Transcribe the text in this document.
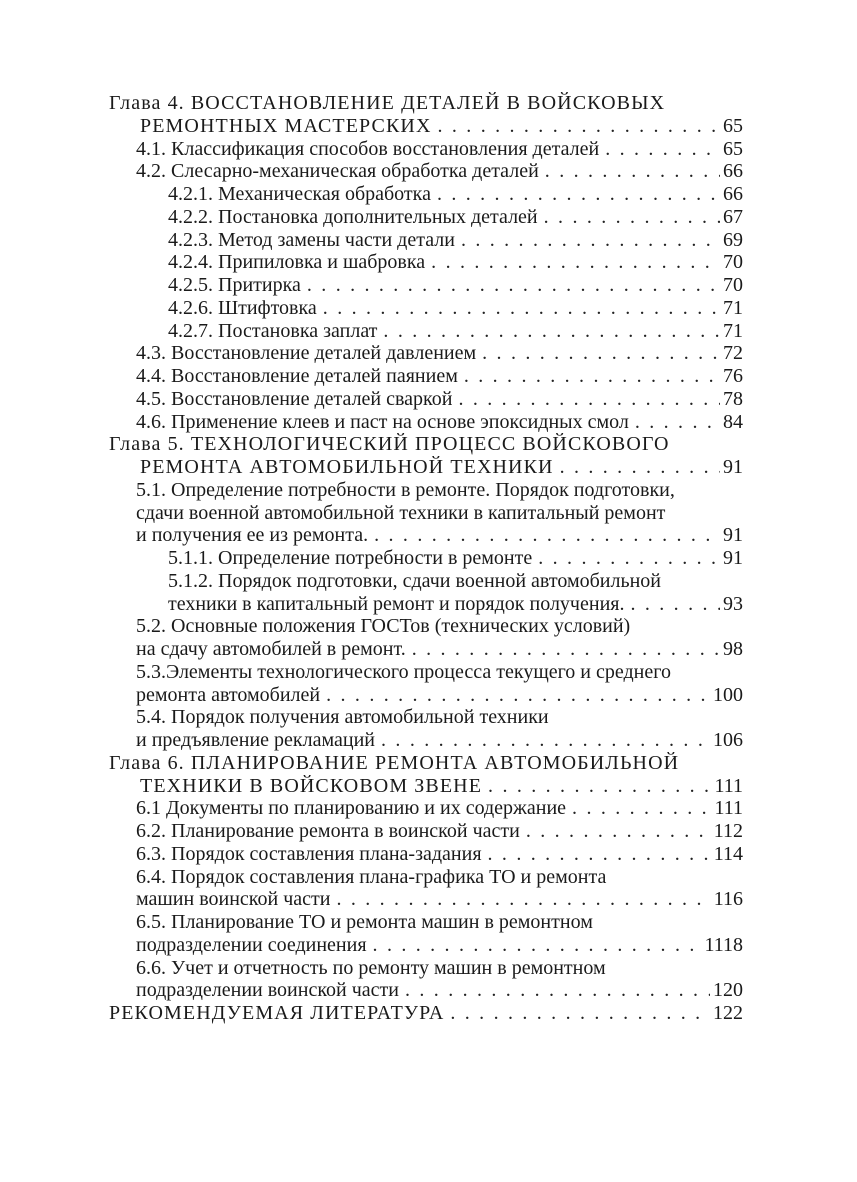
Глава 4. ВОССТАНОВЛЕНИЕ ДЕТАЛЕЙ В ВОЙСКОВЫХ
РЕМОНТНЫХ МАСТЕРСКИХ . . .	65
4.1. Классификация способов восстановления деталей . . .	65
4.2. Слесарно-механическая обработка деталей . . .	66
4.2.1. Механическая обработка . . .	66
4.2.2. Постановка дополнительных деталей . . .	67
4.2.3. Метод замены части детали . . .	69
4.2.4. Припиловка и шабровка . . .	70
4.2.5. Притирка . . .	70
4.2.6. Штифтовка . . .	71
4.2.7. Постановка заплат . . .	71
4.3. Восстановление деталей давлением . . .	72
4.4. Восстановление деталей паянием . . .	76
4.5. Восстановление деталей сваркой . . .	78
4.6. Применение клеев и паст на основе эпоксидных смол . . .	84
Глава 5. ТЕХНОЛОГИЧЕСКИЙ ПРОЦЕСС ВОЙСКОВОГО
РЕМОНТА АВТОМОБИЛЬНОЙ ТЕХНИКИ . . .	91
5.1. Определение потребности в ремонте. Порядок подготовки,
сдачи военной автомобильной техники в капитальный ремонт
и получения ее из ремонта. . . .	91
5.1.1. Определение потребности в ремонте . . .	91
5.1.2. Порядок подготовки, сдачи военной автомобильной
техники в капитальный ремонт и порядок получения. . . .	93
5.2. Основные положения ГОСТов (технических условий)
на сдачу автомобилей в ремонт. . . .	98
5.3.Элементы технологического процесса текущего и среднего
ремонта автомобилей . . .	100
5.4. Порядок получения автомобильной техники
и предъявление рекламаций . . .	106
Глава 6. ПЛАНИРОВАНИЕ РЕМОНТА АВТОМОБИЛЬНОЙ
ТЕХНИКИ В ВОЙСКОВОМ ЗВЕНЕ . . .	111
6.1 Документы по планированию и их содержание . . .	111
6.2. Планирование ремонта в воинской части . . .	112
6.3. Порядок составления плана-задания . . .	114
6.4. Порядок составления плана-графика ТО и ремонта
машин воинской части . . .	116
6.5. Планирование ТО и ремонта машин в ремонтном
подразделении соединения . . .	1118
6.6. Учет и отчетность по ремонту машин в ремонтном
подразделении воинской части . . .	120
РЕКОМЕНДУЕМАЯ ЛИТЕРАТУРА . . .	122
